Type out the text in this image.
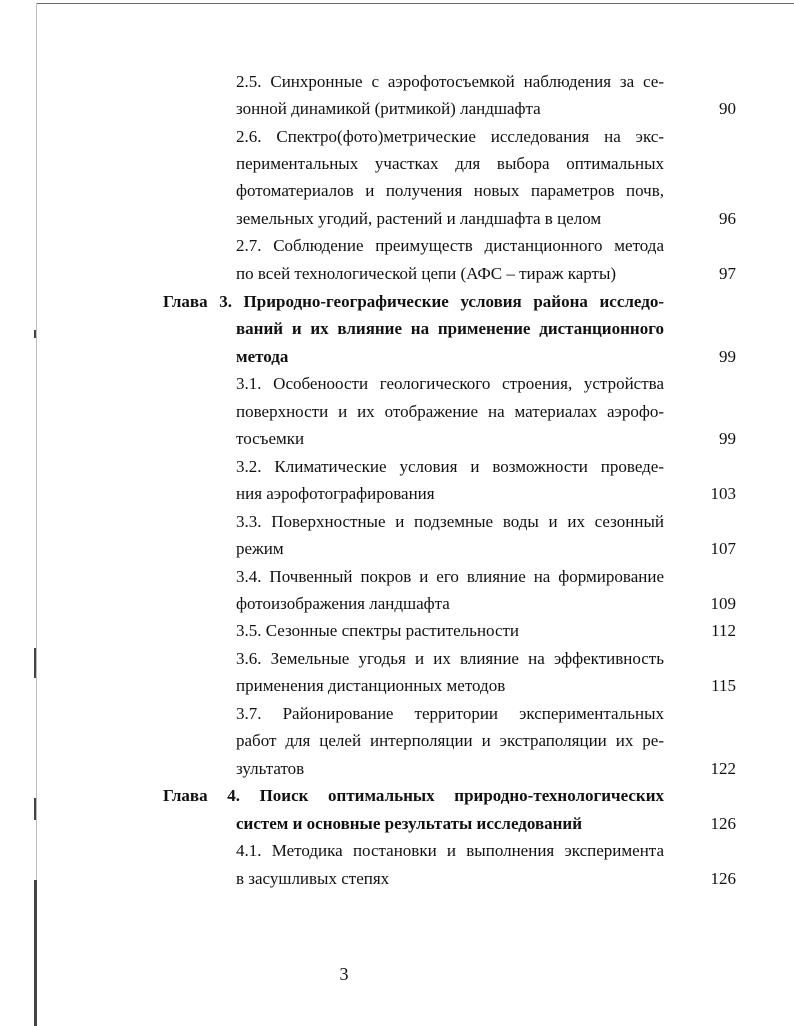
2.5. Синхронные с аэрофотосъемкой наблюдения за се-
зонной динамикой (ритмикой) ландшафта	90
2.6. Спектро(фото)метрические исследования на экс-
периментальных участках для выбора оптимальных
фотоматериалов и получения новых параметров почв,
земельных угодий, растений и ландшафта в целом	96
2.7. Соблюдение преимуществ дистанционного метода
по всей технологической цепи (АФС – тираж карты)	97
Глава 3. Природно-географические условия района исследо-
ваний и их влияние на применение дистанционного
метода	99
3.1. Особеноости геологического строения, устройства
поверхности и их отображение на материалах аэрофо-
тосъемки	99
3.2. Климатические условия и возможности проведе-
ния аэрофотографирования	103
3.3. Поверхностные и подземные воды и их сезонный
режим	107
3.4. Почвенный покров и его влияние на формирование
фотоизображения ландшафта	109
3.5. Сезонные спектры растительности	112
3.6. Земельные угодья и их влияние на эффективность
применения дистанционных методов	115
3.7. Районирование территории экспериментальных
работ для целей интерполяции и экстраполяции их ре-
зультатов	122
Глава 4. Поиск оптимальных природно-технологических
систем и основные результаты исследований	126
4.1. Методика постановки и выполнения эксперимента
в засушливых степях	126
3
